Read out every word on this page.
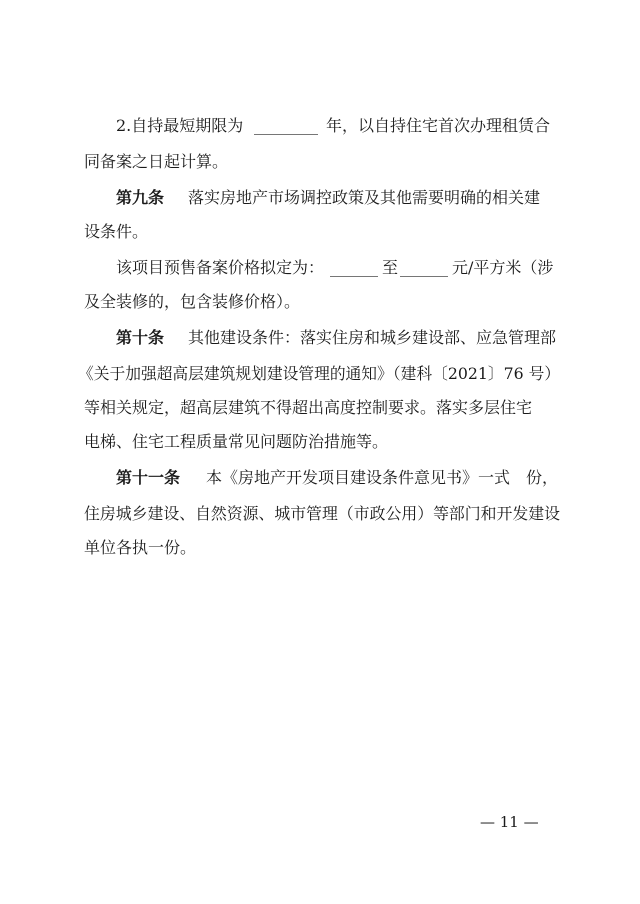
2.自持最短期限为 ________ 年，以自持住宅首次办理租赁合
同备案之日起计算。
第九条 落实房地产市场调控政策及其他需要明确的相关建
设条件。
该项目预售备案价格拟定为： ______ 至 ______ 元/平方米（涉
及全装修的，包含装修价格）。
第十条 其他建设条件：落实住房和城乡建设部、应急管理部
《关于加强超高层建筑规划建设管理的通知》（建科〔2021〕76 号）
等相关规定，超高层建筑不得超出高度控制要求。落实多层住宅
电梯、住宅工程质量常见问题防治措施等。
第十一条 本《房地产开发项目建设条件意见书》一式　份，
住房城乡建设、自然资源、城市管理（市政公用）等部门和开发建设
单位各执一份。
— 11 —
